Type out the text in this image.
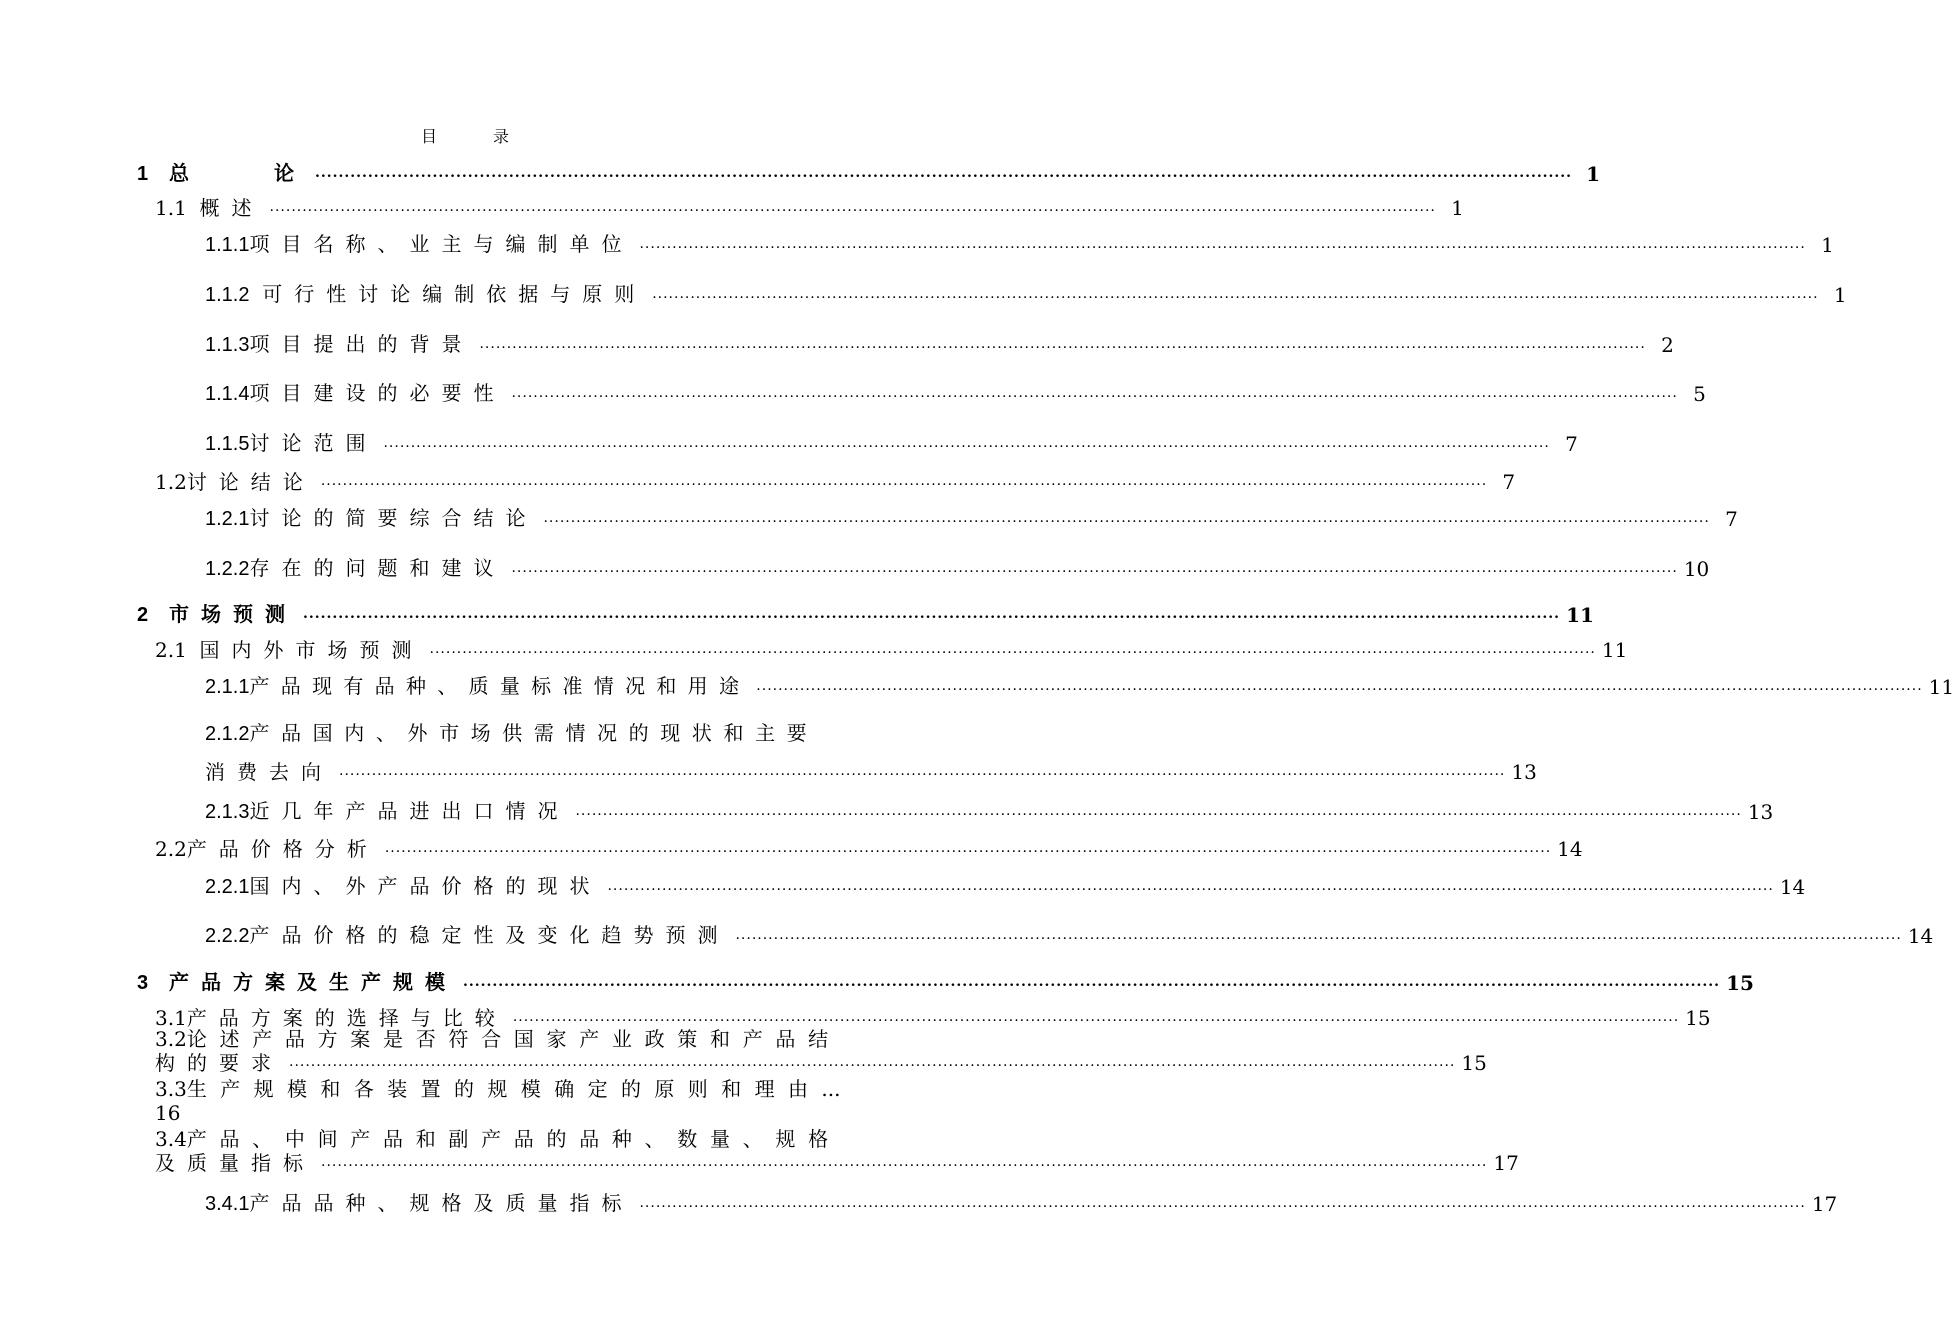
目　录
1 总　　论 ...................................................................................................................................................................................................................... 1
1.1 概述 ...................................................................................................................................................................................................................... 1
1.1.1项目名称、业主与编制单位 ...................................................................................................................................................................................................................... 1
1.1.2 可行性讨论编制依据与原则 ...................................................................................................................................................................................................................... 1
1.1.3项目提出的背景 ...................................................................................................................................................................................................................... 2
1.1.4项目建设的必要性 ...................................................................................................................................................................................................................... 5
1.1.5讨论范围 ...................................................................................................................................................................................................................... 7
1.2讨论结论 ...................................................................................................................................................................................................................... 7
1.2.1讨论的简要综合结论 ...................................................................................................................................................................................................................... 7
1.2.2存在的问题和建议 ...................................................................................................................................................................................................................... 10
2 市场预测 ...................................................................................................................................................................................................................... 11
2.1 国内外市场预测 ...................................................................................................................................................................................................................... 11
2.1.1产品现有品种、质量标准情况和用途 ...................................................................................................................................................................................................................... 11
2.1.2产品国内、外市场供需情况的现状和主要
消费去向 ...................................................................................................................................................................................................................... 13
2.1.3近几年产品进出口情况 ...................................................................................................................................................................................................................... 13
2.2产品价格分析 ...................................................................................................................................................................................................................... 14
2.2.1国内、外产品价格的现状 ...................................................................................................................................................................................................................... 14
2.2.2产品价格的稳定性及变化趋势预测 ...................................................................................................................................................................................................................... 14
3 产品方案及生产规模 ...................................................................................................................................................................................................................... 15
3.1产品方案的选择与比较 ...................................................................................................................................................................................................................... 15
3.2论述产品方案是否符合国家产业政策和产品结
构的要求 ...................................................................................................................................................................................................................... 15
3.3生产规模和各装置的规模确定的原则和理由...
16
3.4产品、中间产品和副产品的品种、数量、规格
及质量指标 ...................................................................................................................................................................................................................... 17
3.4.1产品品种、规格及质量指标 ...................................................................................................................................................................................................................... 17
